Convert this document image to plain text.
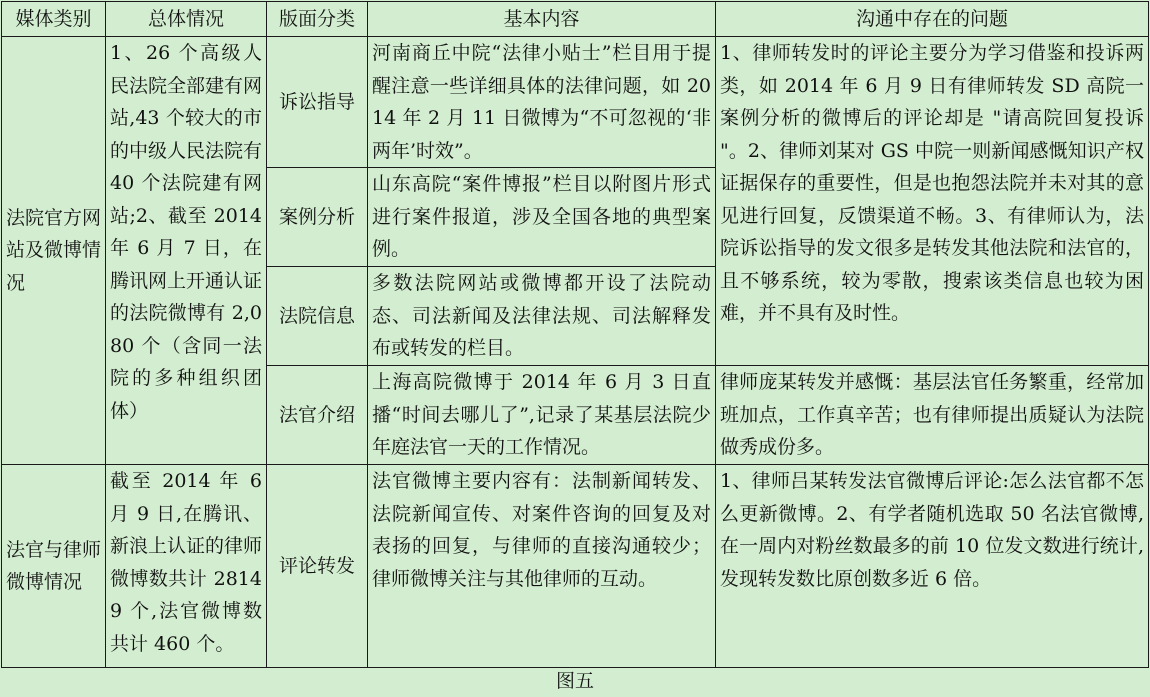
媒体类别	总体情况	版面分类	基本内容	沟通中存在的问题
法院官方网站及微博情况	1、26 个高级人民法院全部建有网站,43 个较大的市的中级人民法院有 40 个法院建有网站;2、截至 2014 年 6 月 7 日，在腾讯网上开通认证的法院微博有 2,080 个（含同一法院的多种组织团体）	诉讼指导	河南商丘中院“法律小贴士”栏目用于提醒注意一些详细具体的法律问题，如 2014 年 2 月 11 日微博为“不可忽视的‘非两年’时效”。	1、律师转发时的评论主要分为学习借鉴和投诉两类，如 2014 年 6 月 9 日有律师转发 SD 高院一案例分析的微博后的评论却是 "请高院回复投诉 "。2、律师刘某对 GS 中院一则新闻感慨知识产权证据保存的重要性，但是也抱怨法院并未对其的意见进行回复，反馈渠道不畅。3、有律师认为，法院诉讼指导的发文很多是转发其他法院和法官的，且不够系统，较为零散，搜索该类信息也较为困难，并不具有及时性。
		案例分析	山东高院“案件博报”栏目以附图片形式进行案件报道，涉及全国各地的典型案例。	
		法院信息	多数法院网站或微博都开设了法院动态、司法新闻及法律法规、司法解释发布或转发的栏目。	
		法官介绍	上海高院微博于 2014 年 6 月 3 日直播“时间去哪儿了”,记录了某基层法院少年庭法官一天的工作情况。	律师庞某转发并感慨：基层法官任务繁重，经常加班加点，工作真辛苦；也有律师提出质疑认为法院做秀成份多。
法官与律师微博情况	截至 2014 年 6 月 9 日,在腾讯、新浪上认证的律师微博数共计 28149 个,法官微博数共计 460 个。	评论转发	法官微博主要内容有：法制新闻转发、法院新闻宣传、对案件咨询的回复及对表扬的回复，与律师的直接沟通较少；律师微博关注与其他律师的互动。	1、律师吕某转发法官微博后评论:怎么法官都不怎么更新微博。2、有学者随机选取 50 名法官微博,在一周内对粉丝数最多的前 10 位发文数进行统计,发现转发数比原创数多近 6 倍。
图五
